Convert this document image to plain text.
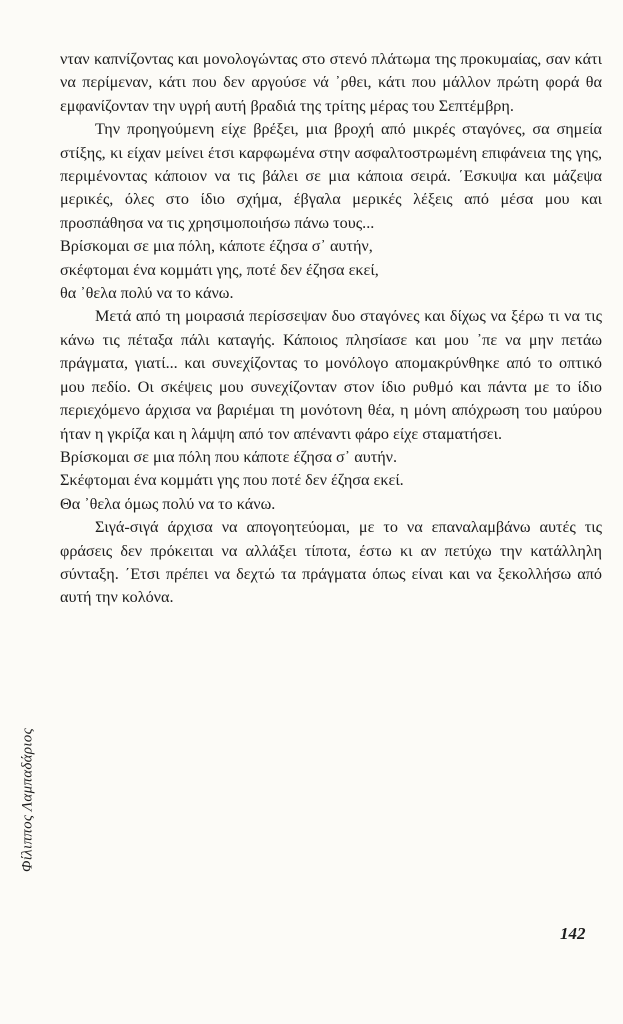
νταν καπνίζοντας και μονολογώντας στο στενό πλάτωμα της προκυμαίας, σαν κάτι να περίμεναν, κάτι που δεν αργούσε νά ᾿ρθει, κάτι που μάλλον πρώτη φορά θα εμφανίζονταν την υγρή αυτή βραδιά της τρίτης μέρας του Σεπτέμβρη.

Την προηγούμενη είχε βρέξει, μια βροχή από μικρές σταγόνες, σα σημεία στίξης, κι είχαν μείνει έτσι καρφωμένα στην ασφαλτοστρωμένη επιφάνεια της γης, περιμένοντας κάποιον να τις βάλει σε μια κάποια σειρά. ΄Εσκυψα και μάζεψα μερικές, όλες στο ίδιο σχήμα, έβγαλα μερικές λέξεις από μέσα μου και προσπάθησα να τις χρησιμοποιήσω πάνω τους...

Βρίσκομαι σε μια πόλη, κάποτε έζησα σ᾿ αυτήν,
σκέφτομαι ένα κομμάτι γης, ποτέ δεν έζησα εκεί,
θα ᾿θελα πολύ να το κάνω.

Μετά από τη μοιρασιά περίσσεψαν δυο σταγόνες και δίχως να ξέρω τι να τις κάνω τις πέταξα πάλι καταγής. Κάποιος πλησίασε και μου ᾿πε να μην πετάω πράγματα, γιατί... και συνεχίζοντας το μονόλογο απομακρύνθηκε από το οπτικό μου πεδίο. Οι σκέψεις μου συνεχίζονταν στον ίδιο ρυθμό και πάντα με το ίδιο περιεχόμενο άρχισα να βαριέμαι τη μονότονη θέα, η μόνη απόχρωση του μαύρου ήταν η γκρίζα και η λάμψη από τον απέναντι φάρο είχε σταματήσει.

Βρίσκομαι σε μια πόλη που κάποτε έζησα σ᾿ αυτήν.
Σκέφτομαι ένα κομμάτι γης που ποτέ δεν έζησα εκεί.
Θα ᾿θελα όμως πολύ να το κάνω.

Σιγά-σιγά άρχισα να απογοητεύομαι, με το να επαναλαμβάνω αυτές τις φράσεις δεν πρόκειται να αλλάξει τίποτα, έστω κι αν πετύχω την κατάλληλη σύνταξη. ΄Ετσι πρέπει να δεχτώ τα πράγματα όπως είναι και να ξεκολλήσω από αυτή την κολόνα.

Φίλιππος Λαμπαδάριος
142
